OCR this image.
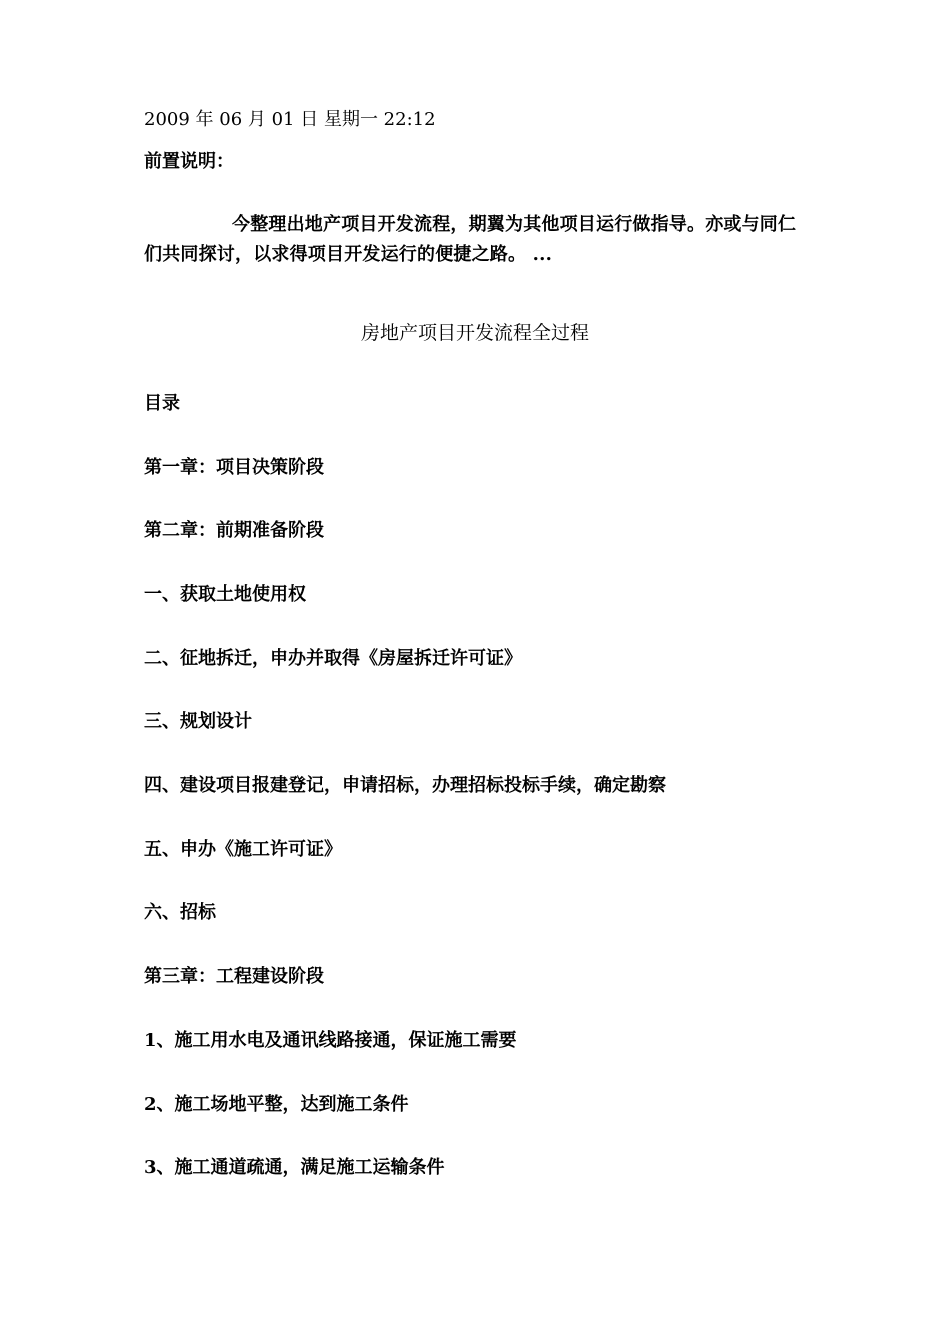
2009 年 06 月 01 日 星期一 22:12
前置说明：
今整理出地产项目开发流程，期翼为其他项目运行做指导。亦或与同仁们共同探讨，以求得项目开发运行的便捷之路。 ...
房地产项目开发流程全过程
目录
第一章：项目决策阶段
第二章：前期准备阶段
一、获取土地使用权
二、征地拆迁，申办并取得《房屋拆迁许可证》
三、规划设计
四、建设项目报建登记，申请招标，办理招标投标手续，确定勘察
五、申办《施工许可证》
六、招标
第三章：工程建设阶段
1、施工用水电及通讯线路接通，保证施工需要
2、施工场地平整，达到施工条件
3、施工通道疏通，满足施工运输条件
